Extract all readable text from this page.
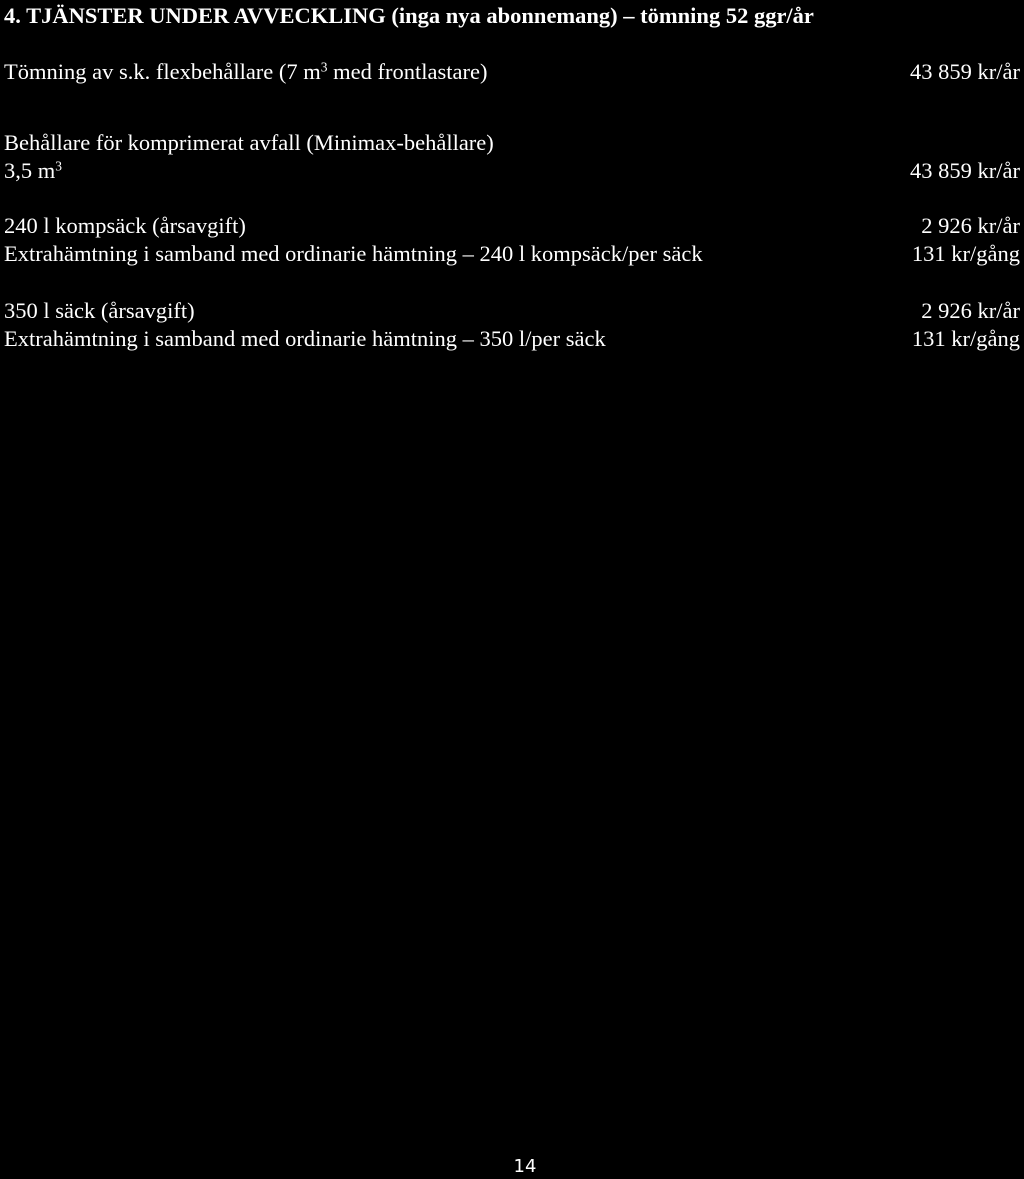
4. TJÄNSTER UNDER AVVECKLING (inga nya abonnemang) – tömning 52 ggr/år
Tömning av s.k. flexbehållare (7 $m^3$ med frontlastare)	43 859 kr/år
Behållare för komprimerat avfall (Minimax-behållare)
3,5 $m^3$	43 859 kr/år
240 l kompsäck (årsavgift)	2 926 kr/år
Extrahämtning i samband med ordinarie hämtning – 240 l kompsäck/per säck	131 kr/gång
350 l säck (årsavgift)	2 926 kr/år
Extrahämtning i samband med ordinarie hämtning – 350 l/per säck	131 kr/gång
14
